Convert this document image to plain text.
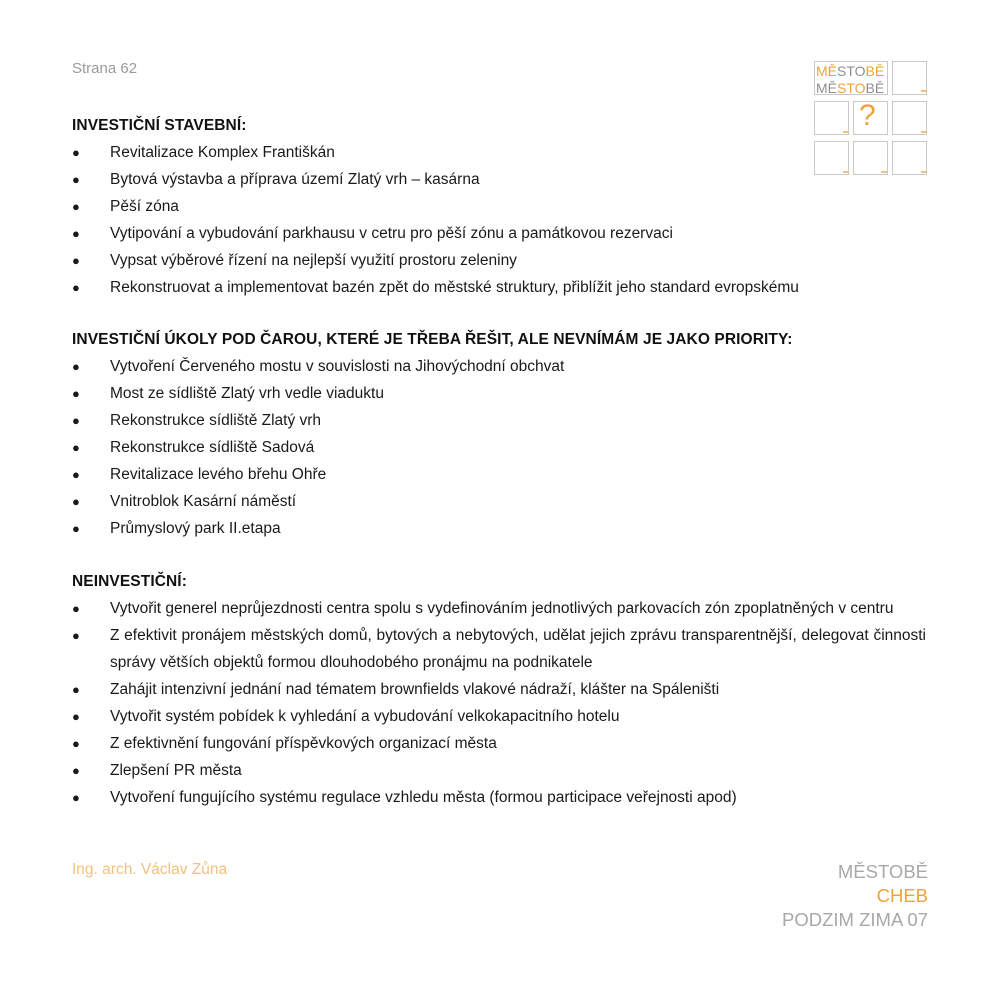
Strana 62	MĚSTOBĚ
MĚSTOBĚ
?
INVESTIČNÍ STAVEBNÍ:
● Revitalizace Komplex Františkán
● Bytová výstavba a příprava území Zlatý vrh – kasárna
● Pěší zóna
● Vytipování a vybudování parkhausu v cetru pro pěší zónu a památkovou rezervaci
● Vypsat výběrové řízení na nejlepší využití prostoru zeleniny
● Rekonstruovat a implementovat bazén zpět do městské struktury, přiblížit jeho standard evropskému
INVESTIČNÍ ÚKOLY POD ČAROU, KTERÉ JE TŘEBA ŘEŠIT, ALE NEVNÍMÁM JE JAKO PRIORITY:
● Vytvoření Červeného mostu v souvislosti na Jihovýchodní obchvat
● Most ze sídliště Zlatý vrh vedle viaduktu
● Rekonstrukce sídliště Zlatý vrh
● Rekonstrukce sídliště Sadová
● Revitalizace levého břehu Ohře
● Vnitroblok Kasární náměstí
● Průmyslový park II.etapa
NEINVESTIČNÍ:
● Vytvořit generel neprůjezdnosti centra spolu s vydefinováním jednotlivých parkovacích zón zpoplatněných v centru
● Z efektivit pronájem městských domů, bytových a nebytových, udělat jejich zprávu transparentnější, delegovat činnosti správy větších objektů formou dlouhodobého pronájmu na podnikatele
● Zahájit intenzivní jednání nad tématem brownfields vlakové nádraží, klášter na Spáleništi
● Vytvořit systém pobídek k vyhledání a vybudování velkokapacitního hotelu
● Z efektivnění fungování příspěvkových organizací města
● Zlepšení PR města
● Vytvoření fungujícího systému regulace vzhledu města (formou participace veřejnosti apod)
Ing. arch. Václav Zůna	MĚSTOBĚ
CHEB
PODZIM ZIMA 07
